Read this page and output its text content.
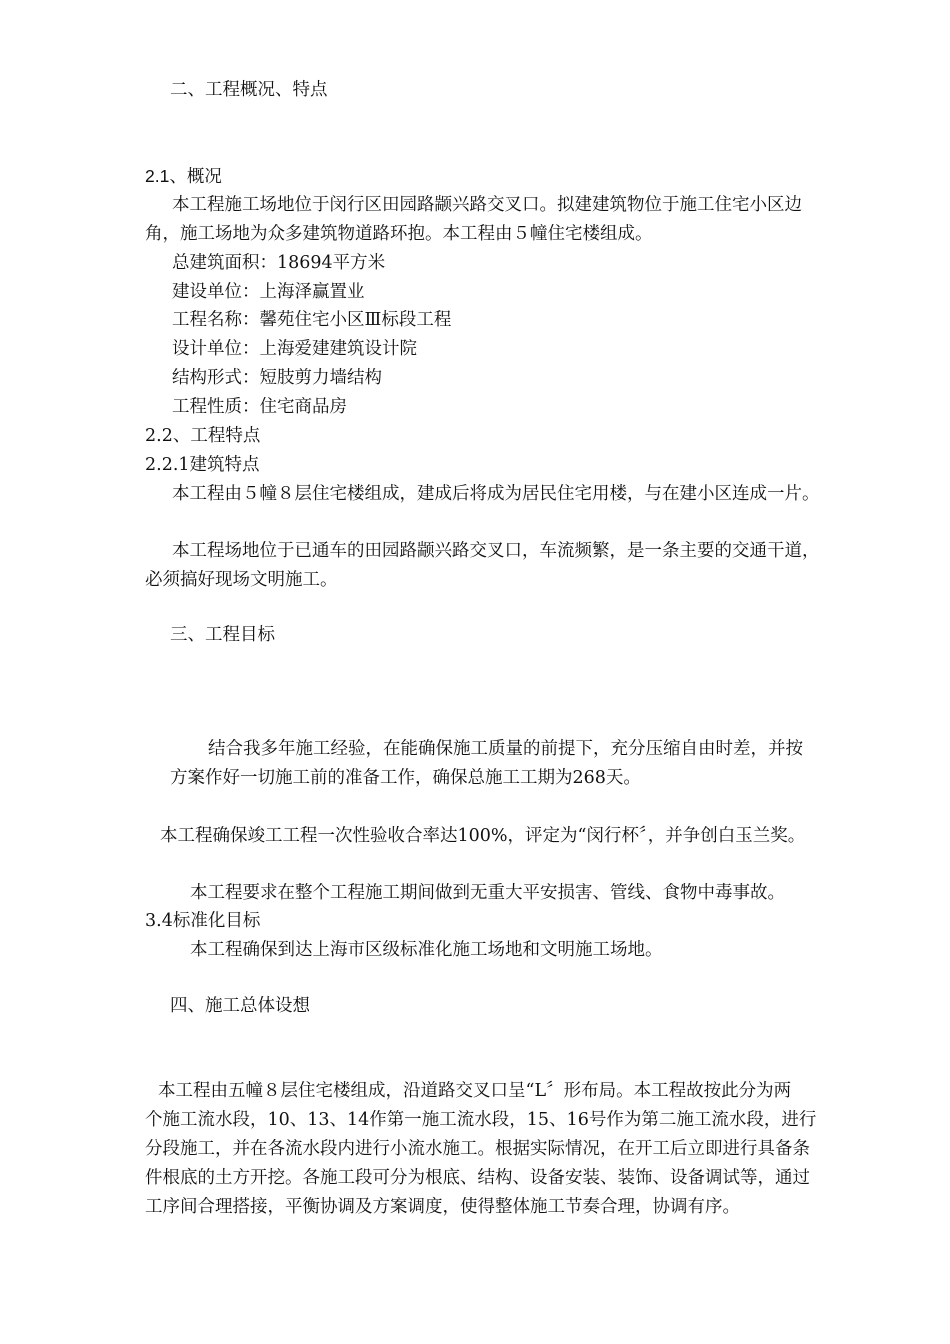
二、工程概况、特点
2.1、概况
本工程施工场地位于闵行区田园路颛兴路交叉口。拟建建筑物位于施工住宅小区边
角，施工场地为众多建筑物道路环抱。本工程由５幢住宅楼组成。
总建筑面积：18694平方米
建设单位：上海泽赢置业
工程名称：馨苑住宅小区Ⅲ标段工程
设计单位：上海爱建建筑设计院
结构形式：短肢剪力墙结构
工程性质：住宅商品房
2.2、工程特点
2.2.1建筑特点
本工程由５幢８层住宅楼组成，建成后将成为居民住宅用楼，与在建小区连成一片。
本工程场地位于已通车的田园路颛兴路交叉口，车流频繁，是一条主要的交通干道，
必须搞好现场文明施工。
三、工程目标
结合我多年施工经验，在能确保施工质量的前提下，充分压缩自由时差，并按
方案作好一切施工前的准备工作，确保总施工工期为268天。
本工程确保竣工工程一次性验收合率达100%，评定为“闵行杯〞，并争创白玉兰奖。
本工程要求在整个工程施工期间做到无重大平安损害、管线、食物中毒事故。
3.4标准化目标
本工程确保到达上海市区级标准化施工场地和文明施工场地。
四、施工总体设想
本工程由五幢８层住宅楼组成，沿道路交叉口呈“L〞形布局。本工程故按此分为两
个施工流水段，10、13、14作第一施工流水段，15、16号作为第二施工流水段，进行
分段施工，并在各流水段内进行小流水施工。根据实际情况，在开工后立即进行具备条
件根底的土方开挖。各施工段可分为根底、结构、设备安装、装饰、设备调试等，通过
工序间合理搭接，平衡协调及方案调度，使得整体施工节奏合理，协调有序。
